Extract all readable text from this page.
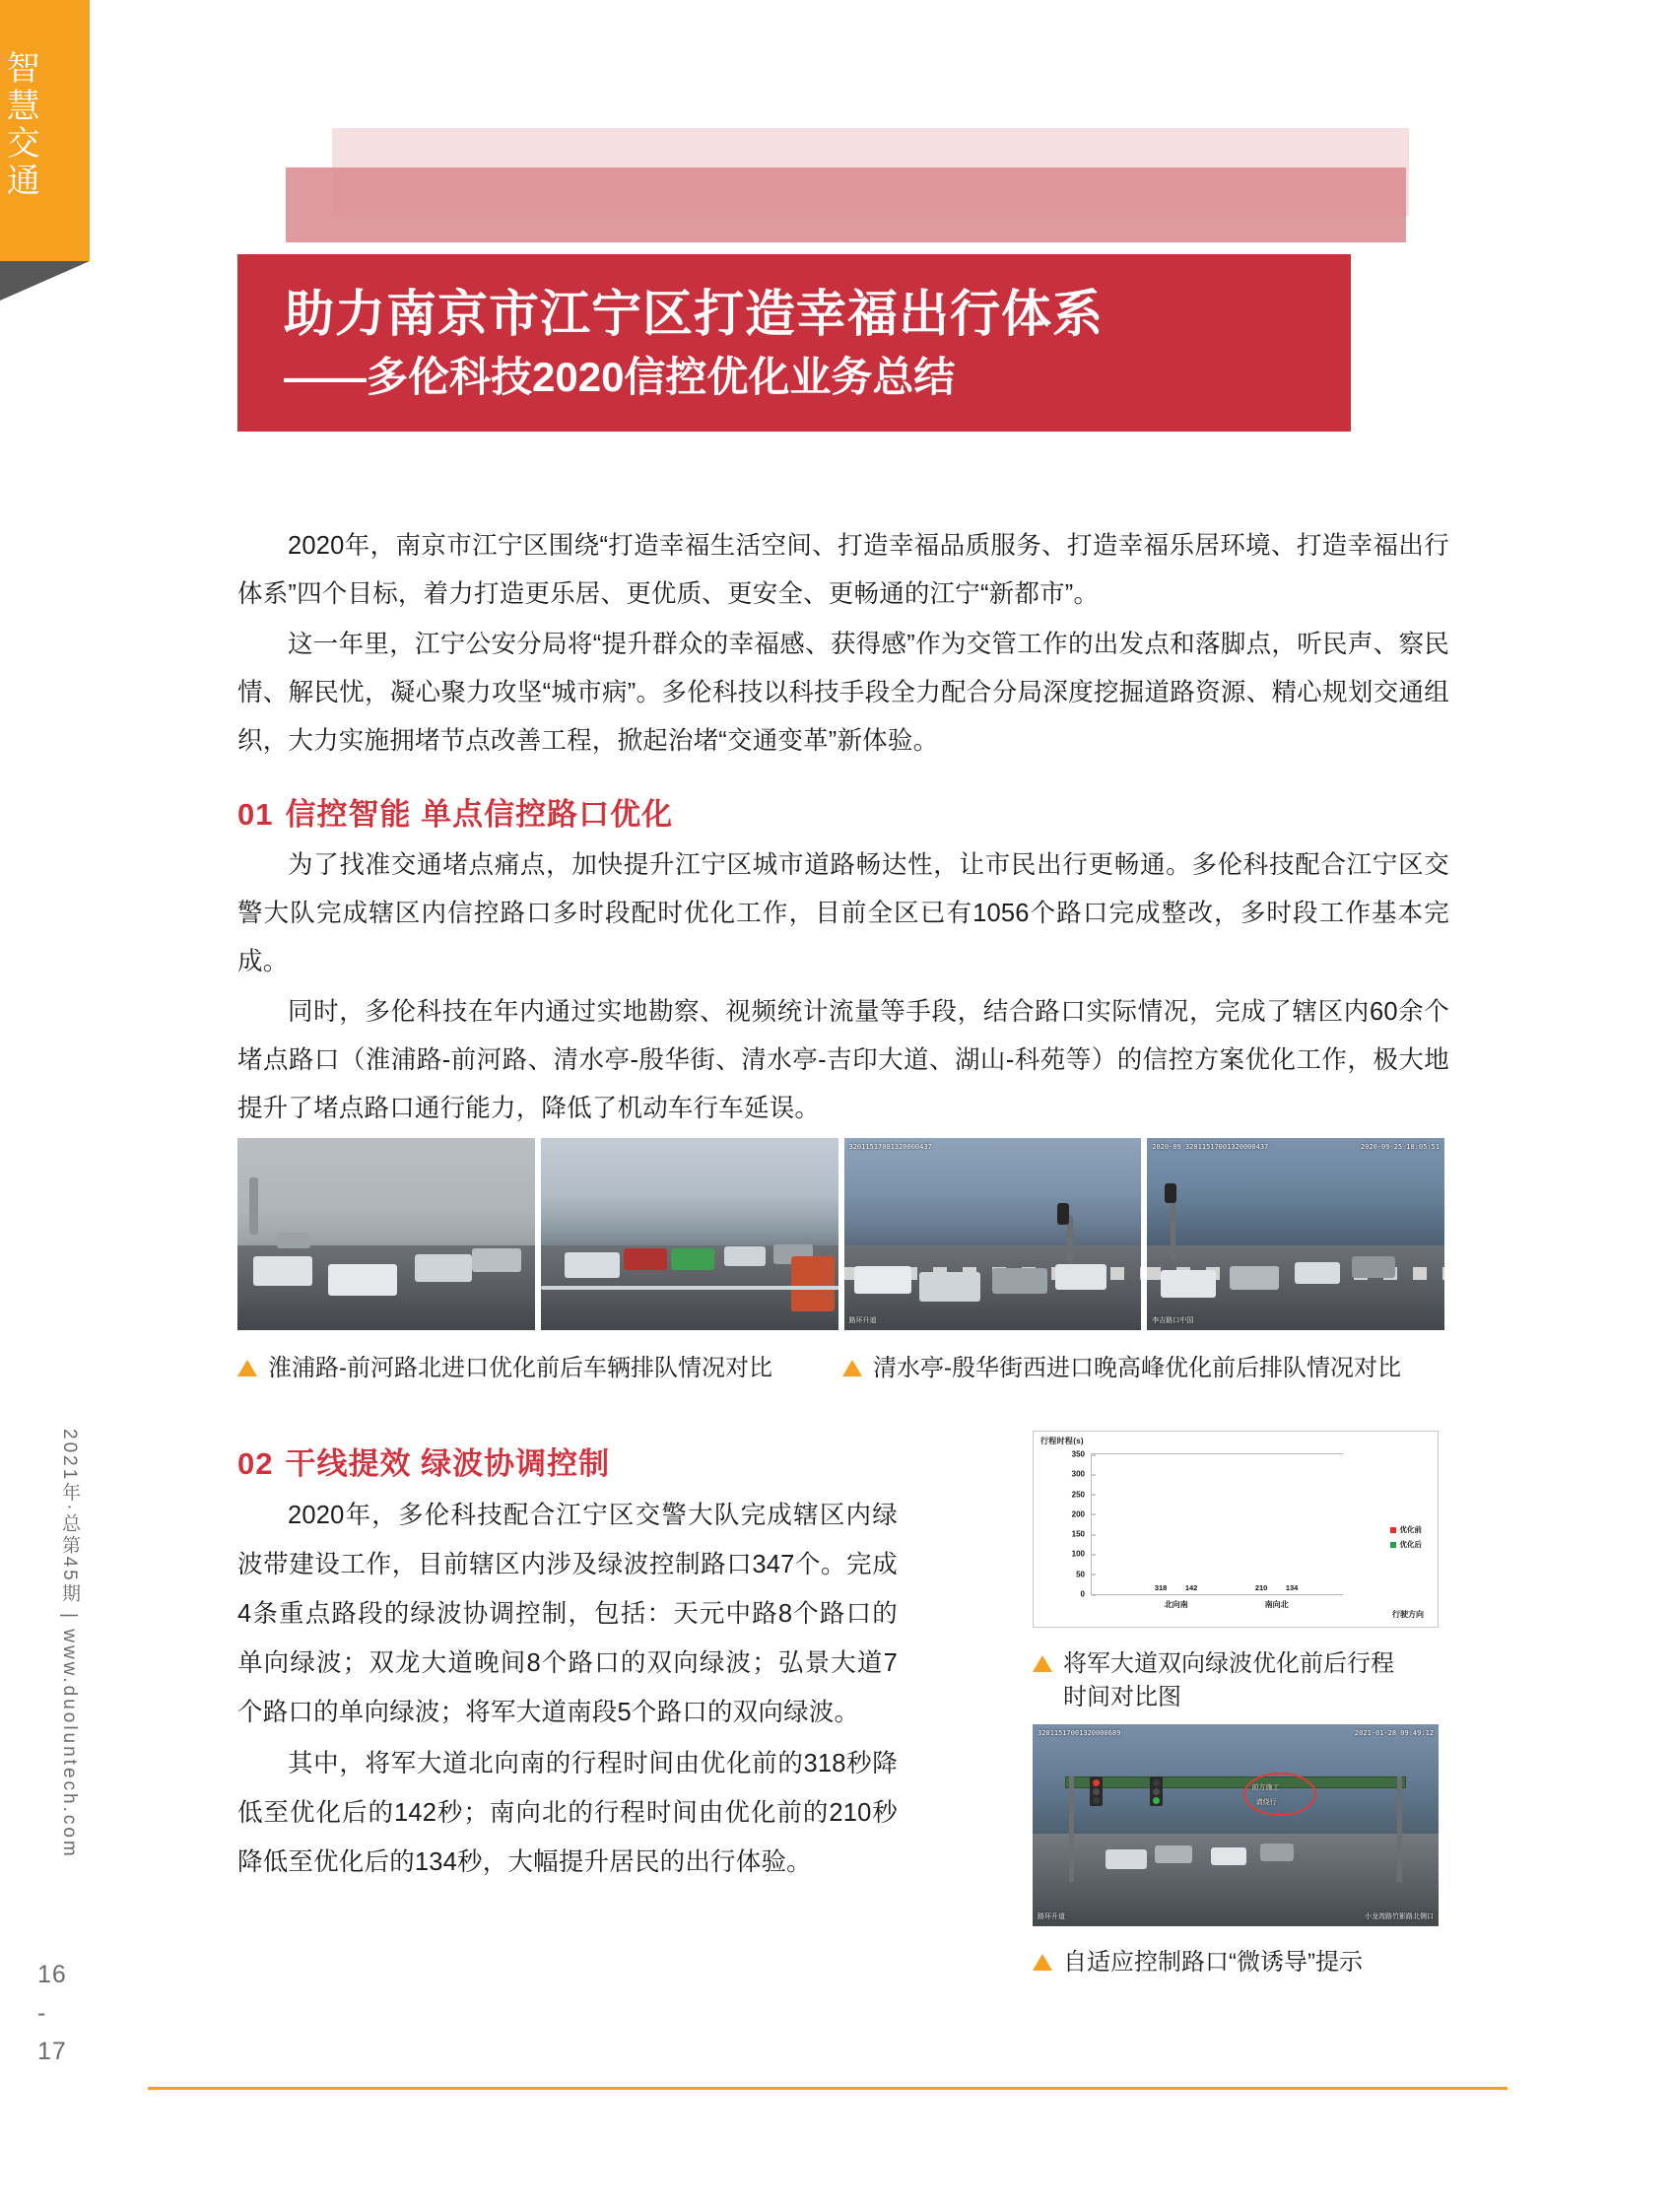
智慧交通
2021年·总第45期 | www.duoluntech.com
16
-
17
助力南京市江宁区打造幸福出行体系
——多伦科技2020信控优化业务总结

2020年，南京市江宁区围绕“打造幸福生活空间、打造幸福品质服务、打造幸福乐居环境、打造幸福出行体系”四个目标，着力打造更乐居、更优质、更安全、更畅通的江宁“新都市”。

这一年里，江宁公安分局将“提升群众的幸福感、获得感”作为交管工作的出发点和落脚点，听民声、察民情、解民忧，凝心聚力攻坚“城市病”。多伦科技以科技手段全力配合分局深度挖掘道路资源、精心规划交通组织，大力实施拥堵节点改善工程，掀起治堵“交通变革”新体验。

01 信控智能 单点信控路口优化

为了找准交通堵点痛点，加快提升江宁区城市道路畅达性，让市民出行更畅通。多伦科技配合江宁区交警大队完成辖区内信控路口多时段配时优化工作，目前全区已有1056个路口完成整改，多时段工作基本完成。

同时，多伦科技在年内通过实地勘察、视频统计流量等手段，结合路口实际情况，完成了辖区内60余个堵点路口（淮浦路-前河路、清水亭-殷华街、清水亭-吉印大道、湖山-科苑等）的信控方案优化工作，极大地提升了堵点路口通行能力，降低了机动车行车延误。

32011517001320000437
路环升道
2020-09 32011517001320000437	2020-09-25 18:05:51
李吉路口中国
淮浦路-前河路北进口优化前后车辆排队情况对比	清水亭-殷华街西进口晚高峰优化前后排队情况对比
02 干线提效 绿波协调控制

2020年，多伦科技配合江宁区交警大队完成辖区内绿波带建设工作，目前辖区内涉及绿波控制路口347个。完成4条重点路段的绿波协调控制，包括：天元中路8个路口的单向绿波；双龙大道晚间8个路口的双向绿波；弘景大道7个路口的单向绿波；将军大道南段5个路口的双向绿波。

其中，将军大道北向南的行程时间由优化前的318秒降低至优化后的142秒；南向北的行程时间由优化前的210秒降低至优化后的134秒，大幅提升居民的出行体验。

行程时程(s)
0
50
100
150
200
250
300
350
318 142
北向南
210 134
南向北
优化前
优化后
行驶方向
将军大道双向绿波优化前后行程
时间对比图
前方施工
请绕行
32011517001320000689	2021-01-28 09:49:12
路环升道	小龙湾路竹影路北侧口
自适应控制路口“微诱导”提示
